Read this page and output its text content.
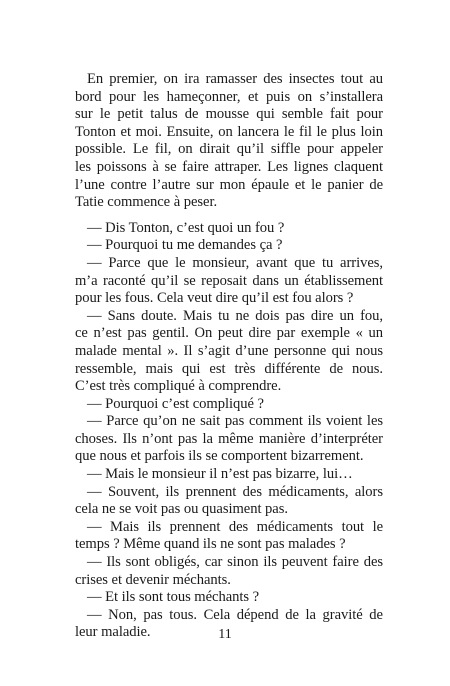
En premier, on ira ramasser des insectes tout au
bord pour les hameçonner, et puis on s’installera
sur le petit talus de mousse qui semble fait pour
Tonton et moi. Ensuite, on lancera le fil le plus loin
possible. Le fil, on dirait qu’il siffle pour appeler
les poissons à se faire attraper. Les lignes claquent
l’une contre l’autre sur mon épaule et le panier de
Tatie commence à peser.
— Dis Tonton, c’est quoi un fou ?
— Pourquoi tu me demandes ça ?
— Parce que le monsieur, avant que tu arrives,
m’a raconté qu’il se reposait dans un établissement
pour les fous. Cela veut dire qu’il est fou alors ?
— Sans doute. Mais tu ne dois pas dire un fou,
ce n’est pas gentil. On peut dire par exemple « un
malade mental ». Il s’agit d’une personne qui nous
ressemble, mais qui est très différente de nous.
C’est très compliqué à comprendre.
— Pourquoi c’est compliqué ?
— Parce qu’on ne sait pas comment ils voient les
choses. Ils n’ont pas la même manière d’interpréter
que nous et parfois ils se comportent bizarrement.
— Mais le monsieur il n’est pas bizarre, lui…
— Souvent, ils prennent des médicaments, alors
cela ne se voit pas ou quasiment pas.
— Mais ils prennent des médicaments tout le
temps ? Même quand ils ne sont pas malades ?
— Ils sont obligés, car sinon ils peuvent faire des
crises et devenir méchants.
— Et ils sont tous méchants ?
— Non, pas tous. Cela dépend de la gravité de
leur maladie.	11
